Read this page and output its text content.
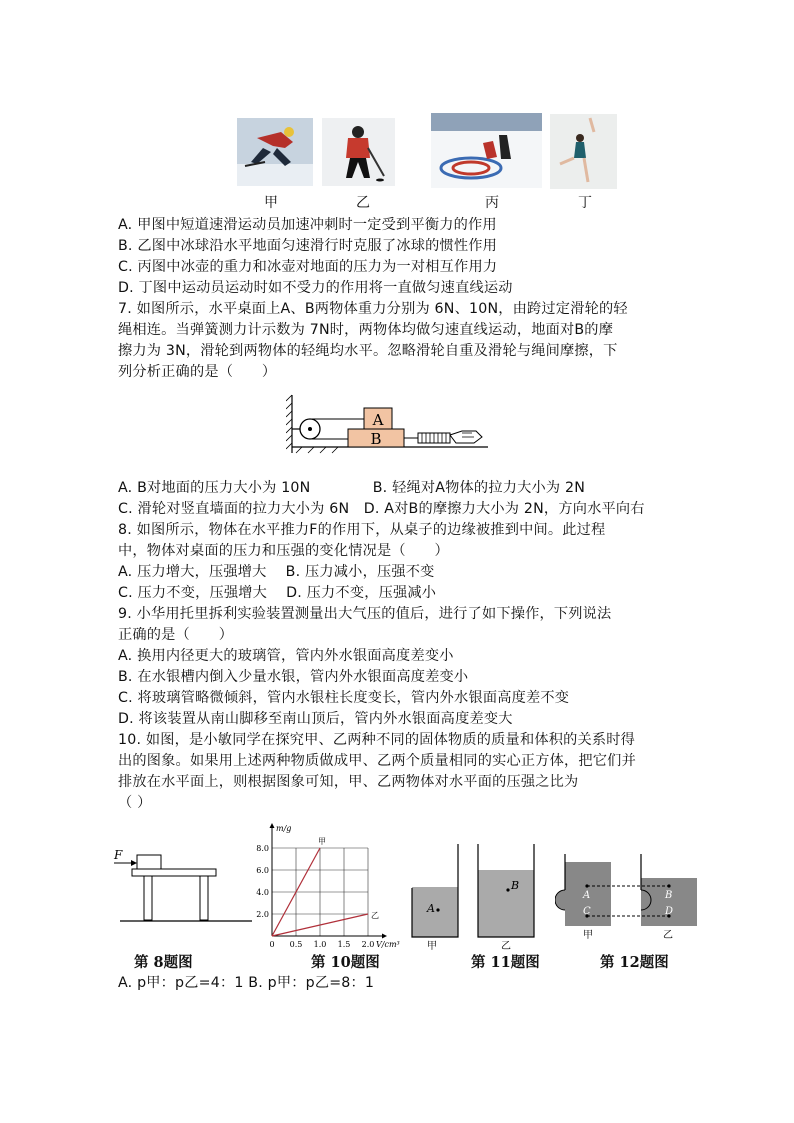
甲	乙	丙	丁
A. 甲图中短道速滑运动员加速冲刺时一定受到平衡力的作用
B. 乙图中冰球沿水平地面匀速滑行时克服了冰球的惯性作用
C. 丙图中冰壶的重力和冰壶对地面的压力为一对相互作用力
D. 丁图中运动员运动时如不受力的作用将一直做匀速直线运动
7. 如图所示，水平桌面上A、B两物体重力分别为 6N、10N，由跨过定滑轮的轻
绳相连。当弹簧测力计示数为 7N时，两物体均做匀速直线运动，地面对B的摩
擦力为 3N，滑轮到两物体的轻绳均水平。忽略滑轮自重及滑轮与绳间摩擦，下
列分析正确的是（　　）
A
B
A. B对地面的压力大小为 10N　　　　 B. 轻绳对A物体的拉力大小为 2N
C. 滑轮对竖直墙面的拉力大小为 6N　D. A对B的摩擦力大小为 2N，方向水平向右
8. 如图所示，物体在水平推力F的作用下，从桌子的边缘被推到中间。此过程
中，物体对桌面的压力和压强的变化情况是（　　）
A. 压力增大，压强增大　 B. 压力减小，压强不变
C. 压力不变，压强增大　 D. 压力不变，压强减小
9. 小华用托里拆利实验装置测量出大气压的值后，进行了如下操作，下列说法
正确的是（　　）
A. 换用内径更大的玻璃管，管内外水银面高度差变小
B. 在水银槽内倒入少量水银，管内外水银面高度差变小
C. 将玻璃管略微倾斜，管内水银柱长度变长，管内外水银面高度差不变
D. 将该装置从南山脚移至南山顶后，管内外水银面高度差变大
10. 如图，是小敏同学在探究甲、乙两种不同的固体物质的质量和体积的关系时得
出的图象。如果用上述两种物质做成甲、乙两个质量相同的实心正方体，把它们并
排放在水平面上，则根据图象可知，甲、乙两物体对水平面的压强之比为
（ ）
F
第 8题图
0 0.5 1.0 1.5 2.0
2.0
4.0
6.0
8.0
m/g
V/cm³
甲
乙
第 10题图
A
甲
B
乙
第 11题图
A	B
C	D
甲	乙
第 12题图
A. p甲：p乙=4：1 B. p甲：p乙=8：1
